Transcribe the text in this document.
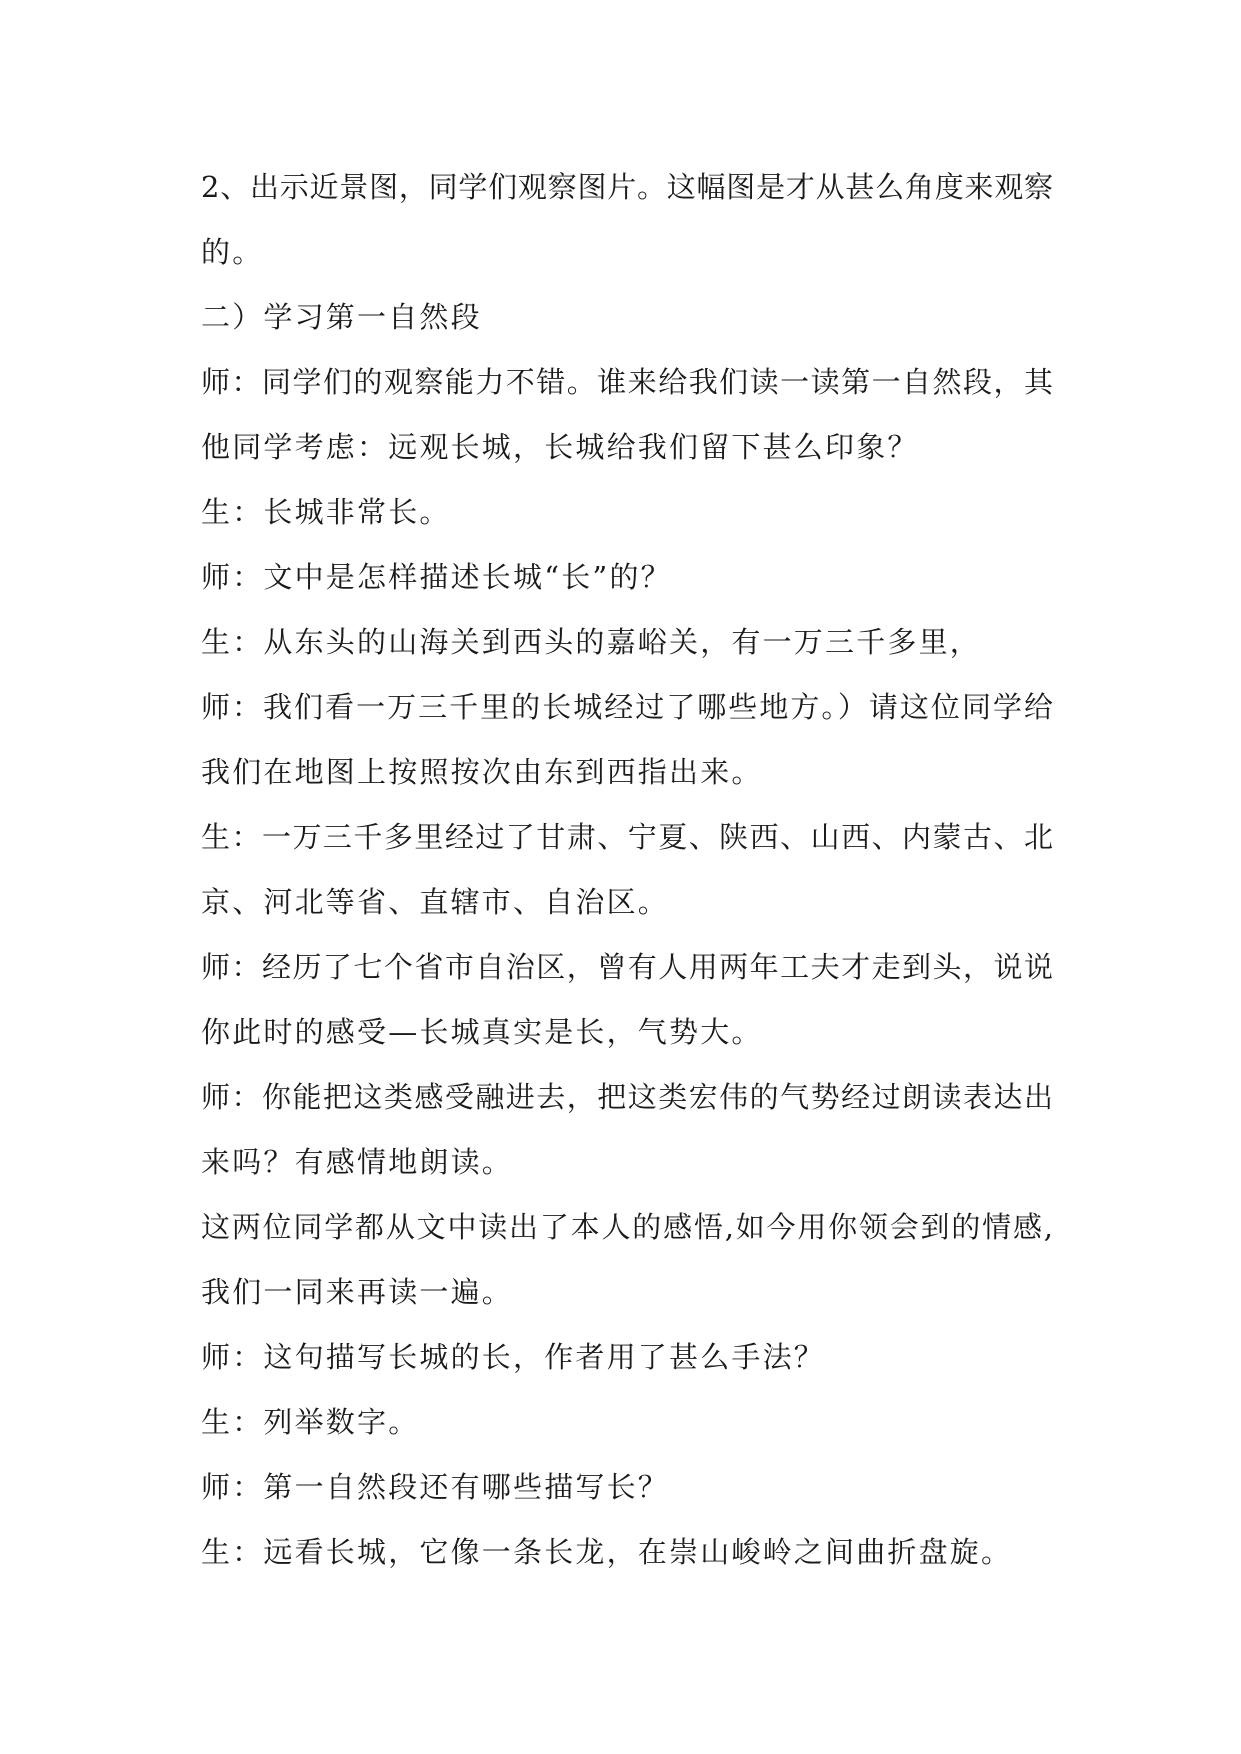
2、出示近景图，同学们观察图片。这幅图是才从甚么角度来观察
的。
二）学习第一自然段
师：同学们的观察能力不错。谁来给我们读一读第一自然段，其
他同学考虑：远观长城，长城给我们留下甚么印象？
生：长城非常长。
师：文中是怎样描述长城“长”的？
生：从东头的山海关到西头的嘉峪关，有一万三千多里，
师：我们看一万三千里的长城经过了哪些地方。）请这位同学给
我们在地图上按照按次由东到西指出来。
生：一万三千多里经过了甘肃、宁夏、陕西、山西、内蒙古、北
京、河北等省、直辖市、自治区。
师：经历了七个省市自治区，曾有人用两年工夫才走到头，说说
你此时的感受—长城真实是长，气势大。
师：你能把这类感受融进去，把这类宏伟的气势经过朗读表达出
来吗？有感情地朗读。
这两位同学都从文中读出了本人的感悟,如今用你领会到的情感,
我们一同来再读一遍。
师：这句描写长城的长，作者用了甚么手法？
生：列举数字。
师：第一自然段还有哪些描写长？
生：远看长城，它像一条长龙，在崇山峻岭之间曲折盘旋。
